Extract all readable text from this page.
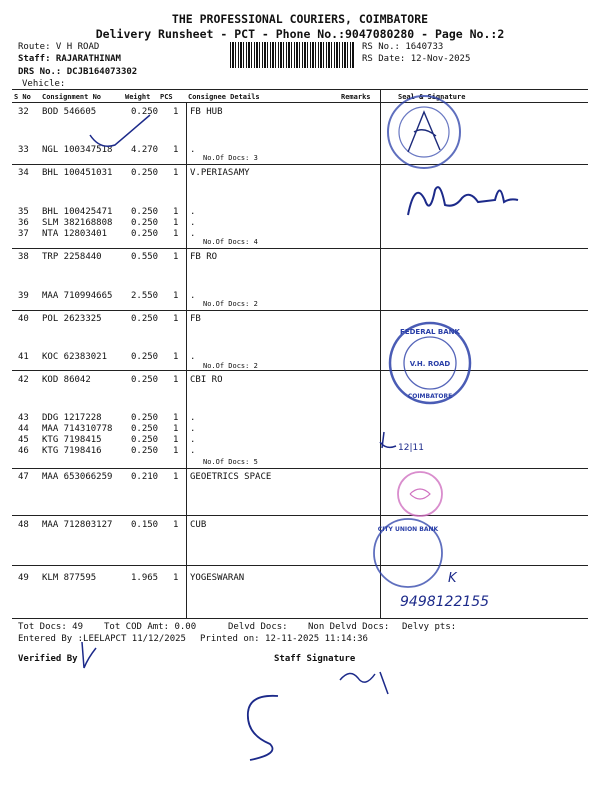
THE PROFESSIONAL COURIERS, COIMBATORE
Delivery Runsheet - PCT - Phone No.:9047080280 - Page No.:2
Route: V H ROAD
Staff: RAJARATHINAM
DRS No.: DCJB164073302
Vehicle:
RS No.: 1640733
RS Date: 12-Nov-2025
S No Consignment No	Weight PCS Consignee Details	Remarks	Seal & Signature
32 BOD 546605	0.250 1 FB HUB
33 NGL 100347518 4.270 1 .
34 BHL 100451031 0.250 1 V.PERIASAMY
35 BHL 100425471 0.250 1 .
36 SLM 382168808 0.250 1 .
37 NTA 12803401	0.250 1 .
38 TRP 2258440	0.550 1 FB RO
39 MAA 710994665 2.550 1 .
40 POL 2623325	0.250 1 FB
41 KOC 62383021	0.250 1 .
42 KOD 86042	0.250 1 CBI RO
43 DDG 1217228	0.250 1 .
44 MAA 714310778 0.250 1 .
45 KTG 7198415	0.250 1 .
46 KTG 7198416	0.250 1 .
47 MAA 653066259 0.210 1 GEOETRICS SPACE
48 MAA 712803127 0.150 1 CUB
49 KLM 877595	1.965 1 YOGESWARAN
No.Of Docs: 3
No.Of Docs: 4
No.Of Docs: 2
No.Of Docs: 2
No.Of Docs: 5
FEDERAL BANK
V.H. ROAD
COIMBATORE
12|11
CITY UNION BANK
K
9498122155
Tot Docs: 49 Tot COD Amt: 0.00	Delvd Docs: Non Delvd Docs: Delvy pts:
Entered By :LEELAPCT 11/12/2025 Printed on: 12-11-2025 11:14:36
Verified By	Staff Signature
